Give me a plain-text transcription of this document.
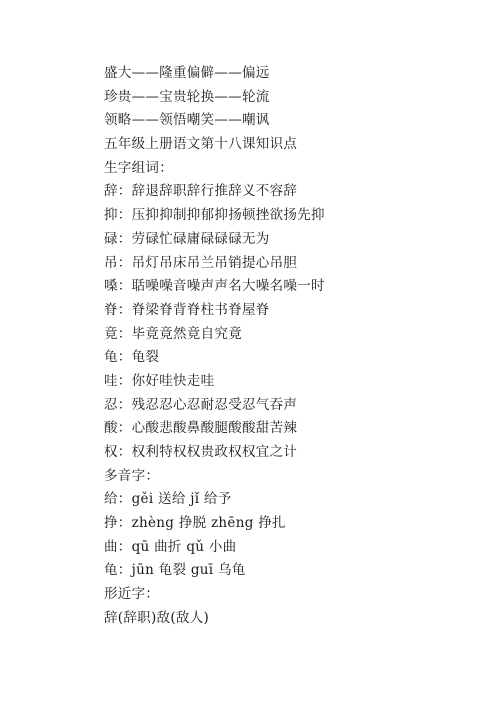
盛大——隆重偏僻——偏远
珍贵——宝贵轮换——轮流
领略——领悟嘲笑——嘲讽
五年级上册语文第十八课知识点
生字组词：
辞：辞退辞职辞行推辞义不容辞
抑：压抑抑制抑郁抑扬顿挫欲扬先抑
碌：劳碌忙碌庸碌碌碌无为
吊：吊灯吊床吊兰吊销提心吊胆
嗓：聒噪噪音噪声声名大噪名噪一时
脊：脊梁脊背脊柱书脊屋脊
竟：毕竟竟然竟自究竟
龟：龟裂
哇：你好哇快走哇
忍：残忍忍心忍耐忍受忍气吞声
酸：心酸悲酸鼻酸腿酸酸甜苦辣
权：权利特权权贵政权权宜之计
多音字：
给：gěi 送给 jǐ 给予
挣：zhèng 挣脱 zhēng 挣扎
曲：qū 曲折 qǔ 小曲
龟：jūn 龟裂 guī 乌龟
形近字：
辞(辞职)敌(敌人)
